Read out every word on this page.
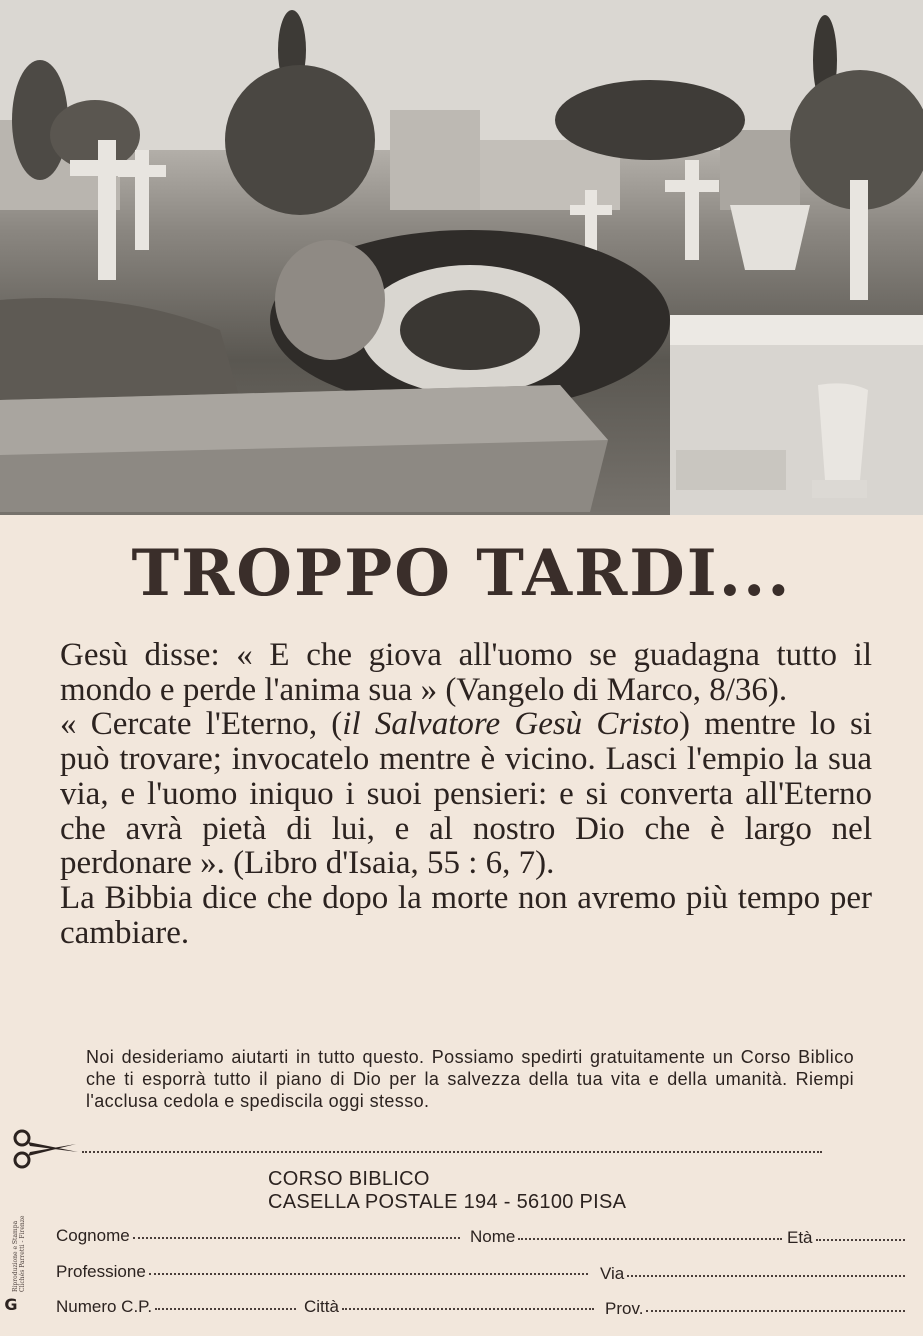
TROPPO TARDI...

Gesù disse: « E che giova all'uomo se guadagna tutto il mondo e perde l'anima sua » (Vangelo di Marco, 8/36).

« Cercate l'Eterno, (il Salvatore Gesù Cristo) mentre lo si può trovare; invocatelo mentre è vicino. Lasci l'empio la sua via, e l'uomo iniquo i suoi pensieri: e si converta all'Eterno che avrà pietà di lui, e al nostro Dio che è largo nel perdonare ». (Libro d'Isaia, 55 : 6, 7).

La Bibbia dice che dopo la morte non avremo più tempo per cambiare.

Noi desideriamo aiutarti in tutto questo. Possiamo spedirti gratuitamente un Corso Biblico che ti esporrà tutto il piano di Dio per la salvezza della tua vita e della umanità. Riempi l'acclusa cedola e spediscila oggi stesso.
CORSO BIBLICO
CASELLA POSTALE 194 - 56100 PISA
Cognome	Nome	Età
Professione	Via
Numero C.P.	Città	Prov.
Riproduzione e Stampa Clichés Parretti - Firenze
G
